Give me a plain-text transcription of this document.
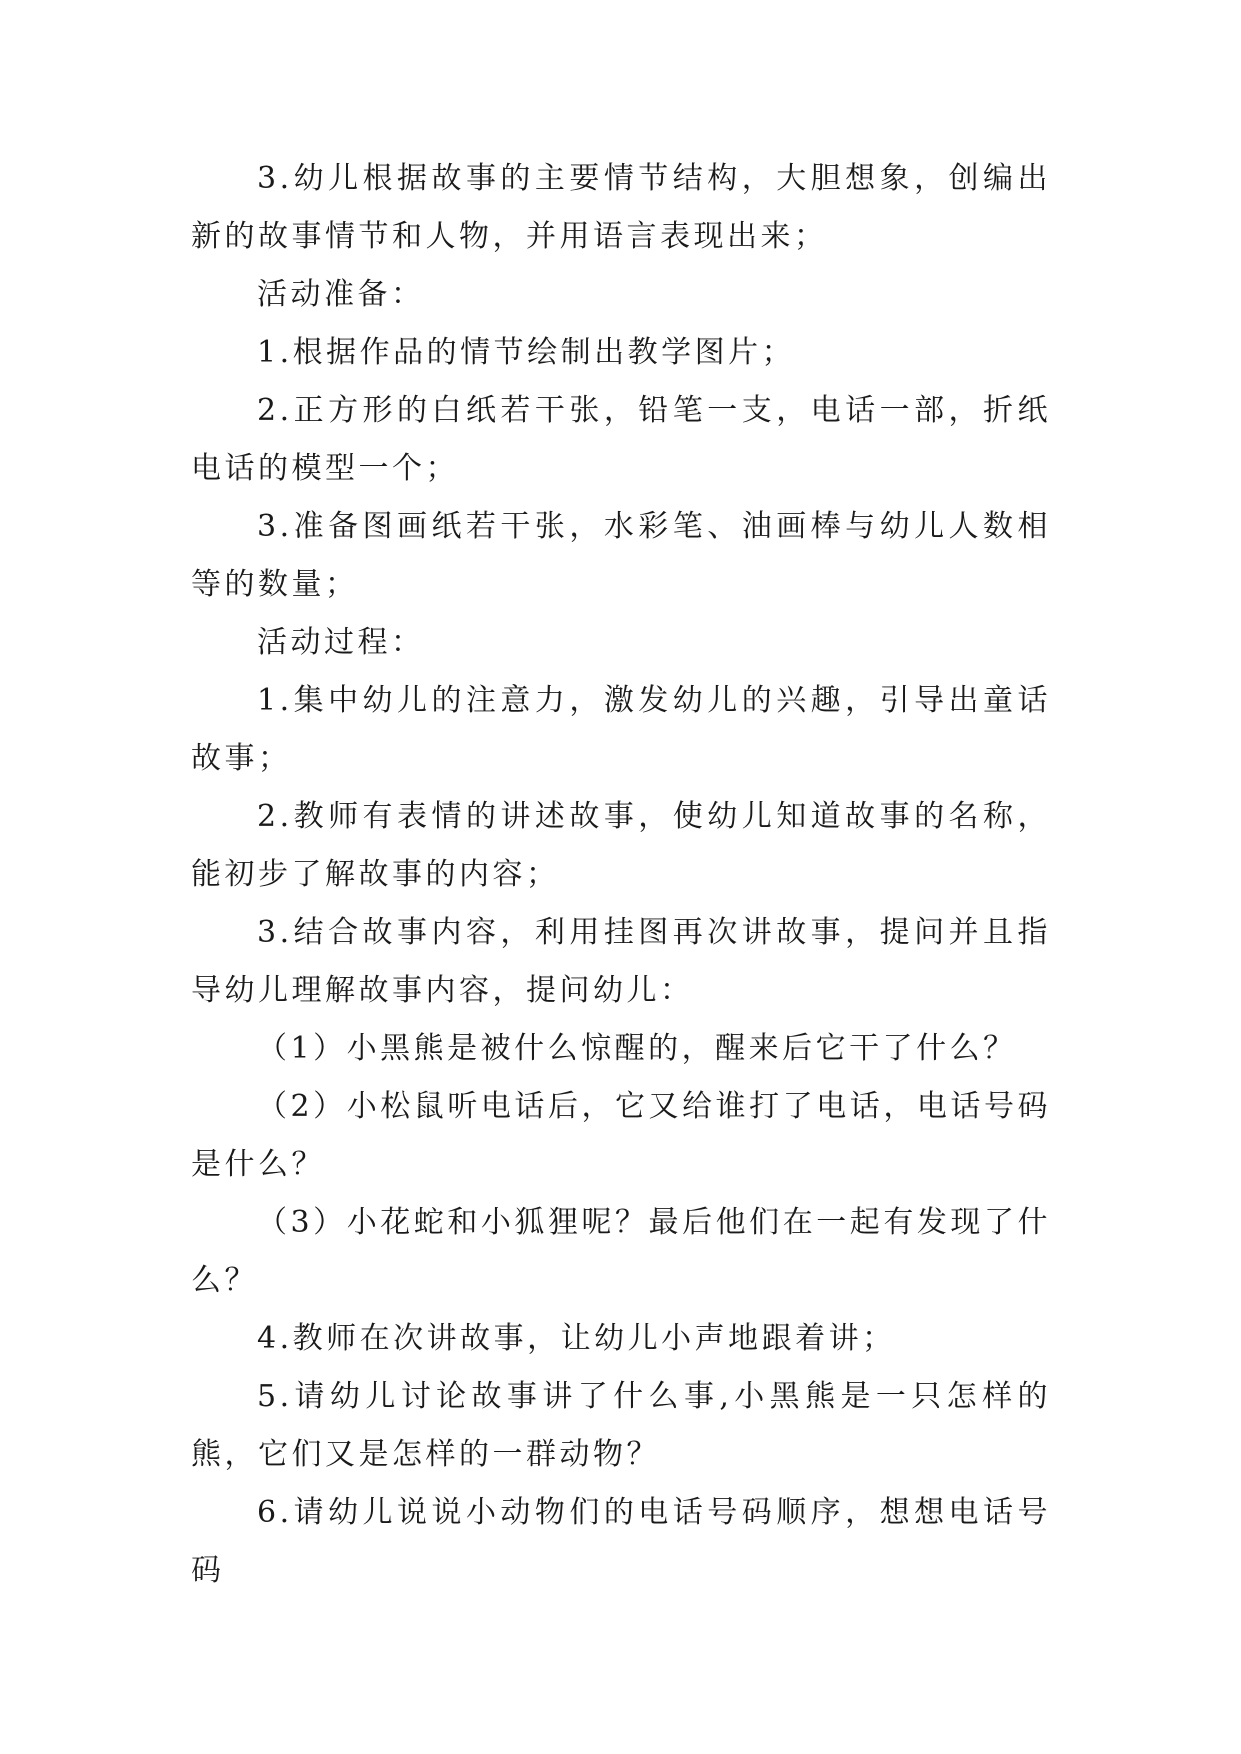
3.幼儿根据故事的主要情节结构，大胆想象，创编出新的故事情节和人物，并用语言表现出来；

活动准备：

1.根据作品的情节绘制出教学图片；

2.正方形的白纸若干张，铅笔一支，电话一部，折纸电话的模型一个；

3.准备图画纸若干张，水彩笔、油画棒与幼儿人数相等的数量；

活动过程：

1.集中幼儿的注意力，激发幼儿的兴趣，引导出童话故事；

2.教师有表情的讲述故事，使幼儿知道故事的名称，能初步了解故事的内容；

3.结合故事内容，利用挂图再次讲故事，提问并且指导幼儿理解故事内容，提问幼儿：

（1）小黑熊是被什么惊醒的，醒来后它干了什么？

（2）小松鼠听电话后，它又给谁打了电话，电话号码是什么？

（3）小花蛇和小狐狸呢？最后他们在一起有发现了什么？

4.教师在次讲故事，让幼儿小声地跟着讲；

5.请幼儿讨论故事讲了什么事,小黑熊是一只怎样的熊，它们又是怎样的一群动物？

6.请幼儿说说小动物们的电话号码顺序，想想电话号码
